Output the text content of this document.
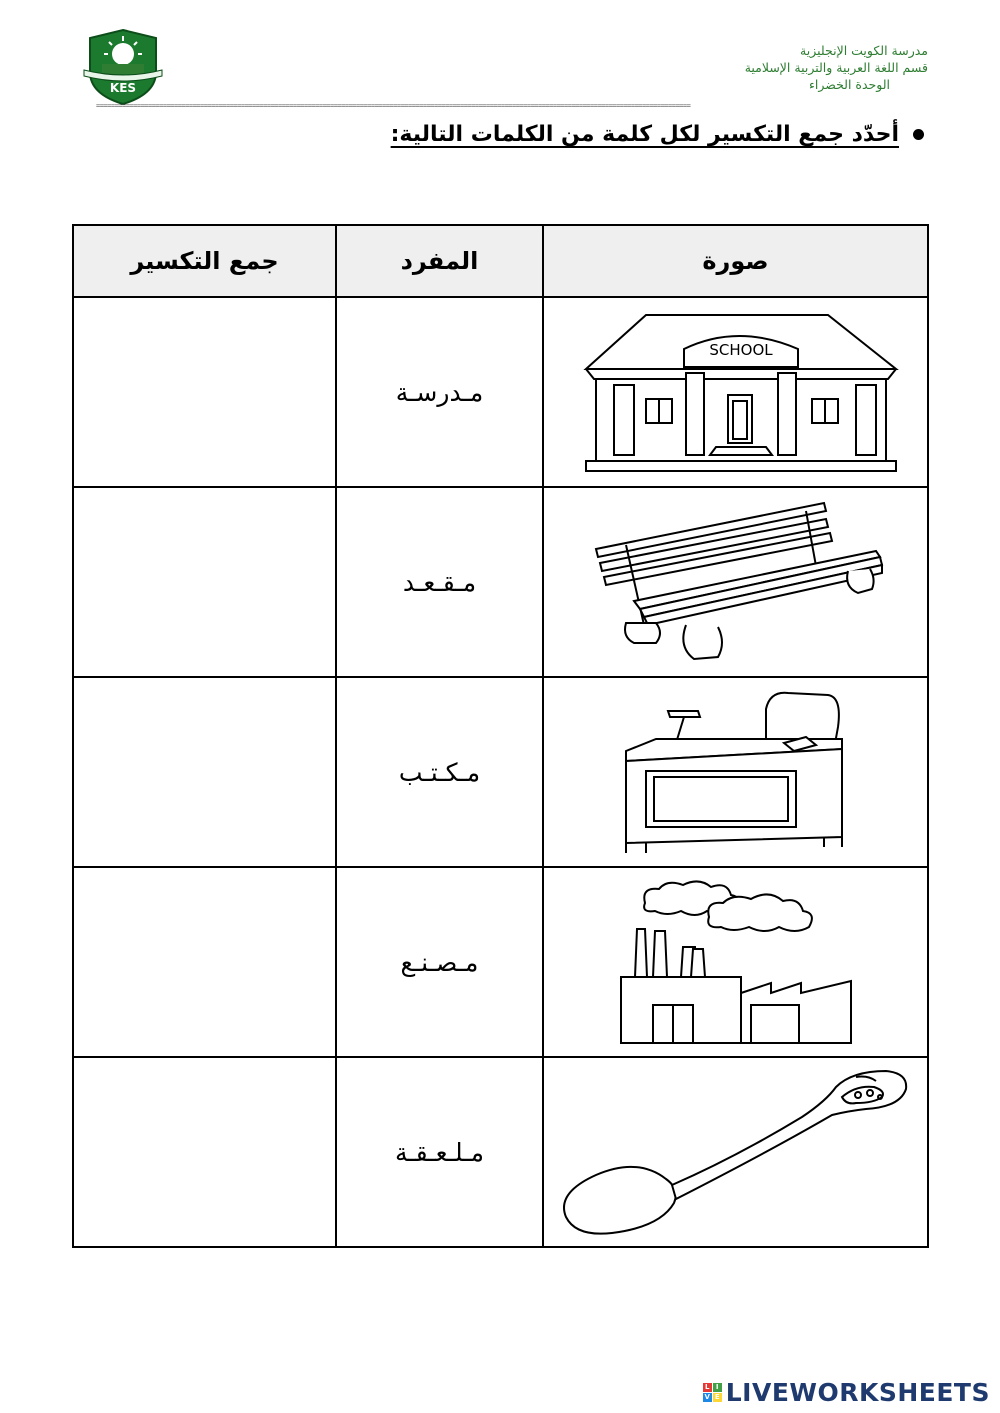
KES
مدرسة الكويت الإنجليزية
قسم اللغة العربية والتربية الإسلامية
الوحدة الخضراء
================================================================================================================================================================
أحدّد جمع التكسير لكل كلمة من الكلمات التالية:
صورة	المفرد	جمع التكسير

SCHOOL	مـدرسـة	

	مـقـعـد	

	مـكـتـب	

	مـصـنـع	

	مـلـعـقـة	
L I
V E LIVEWORKSHEETS
